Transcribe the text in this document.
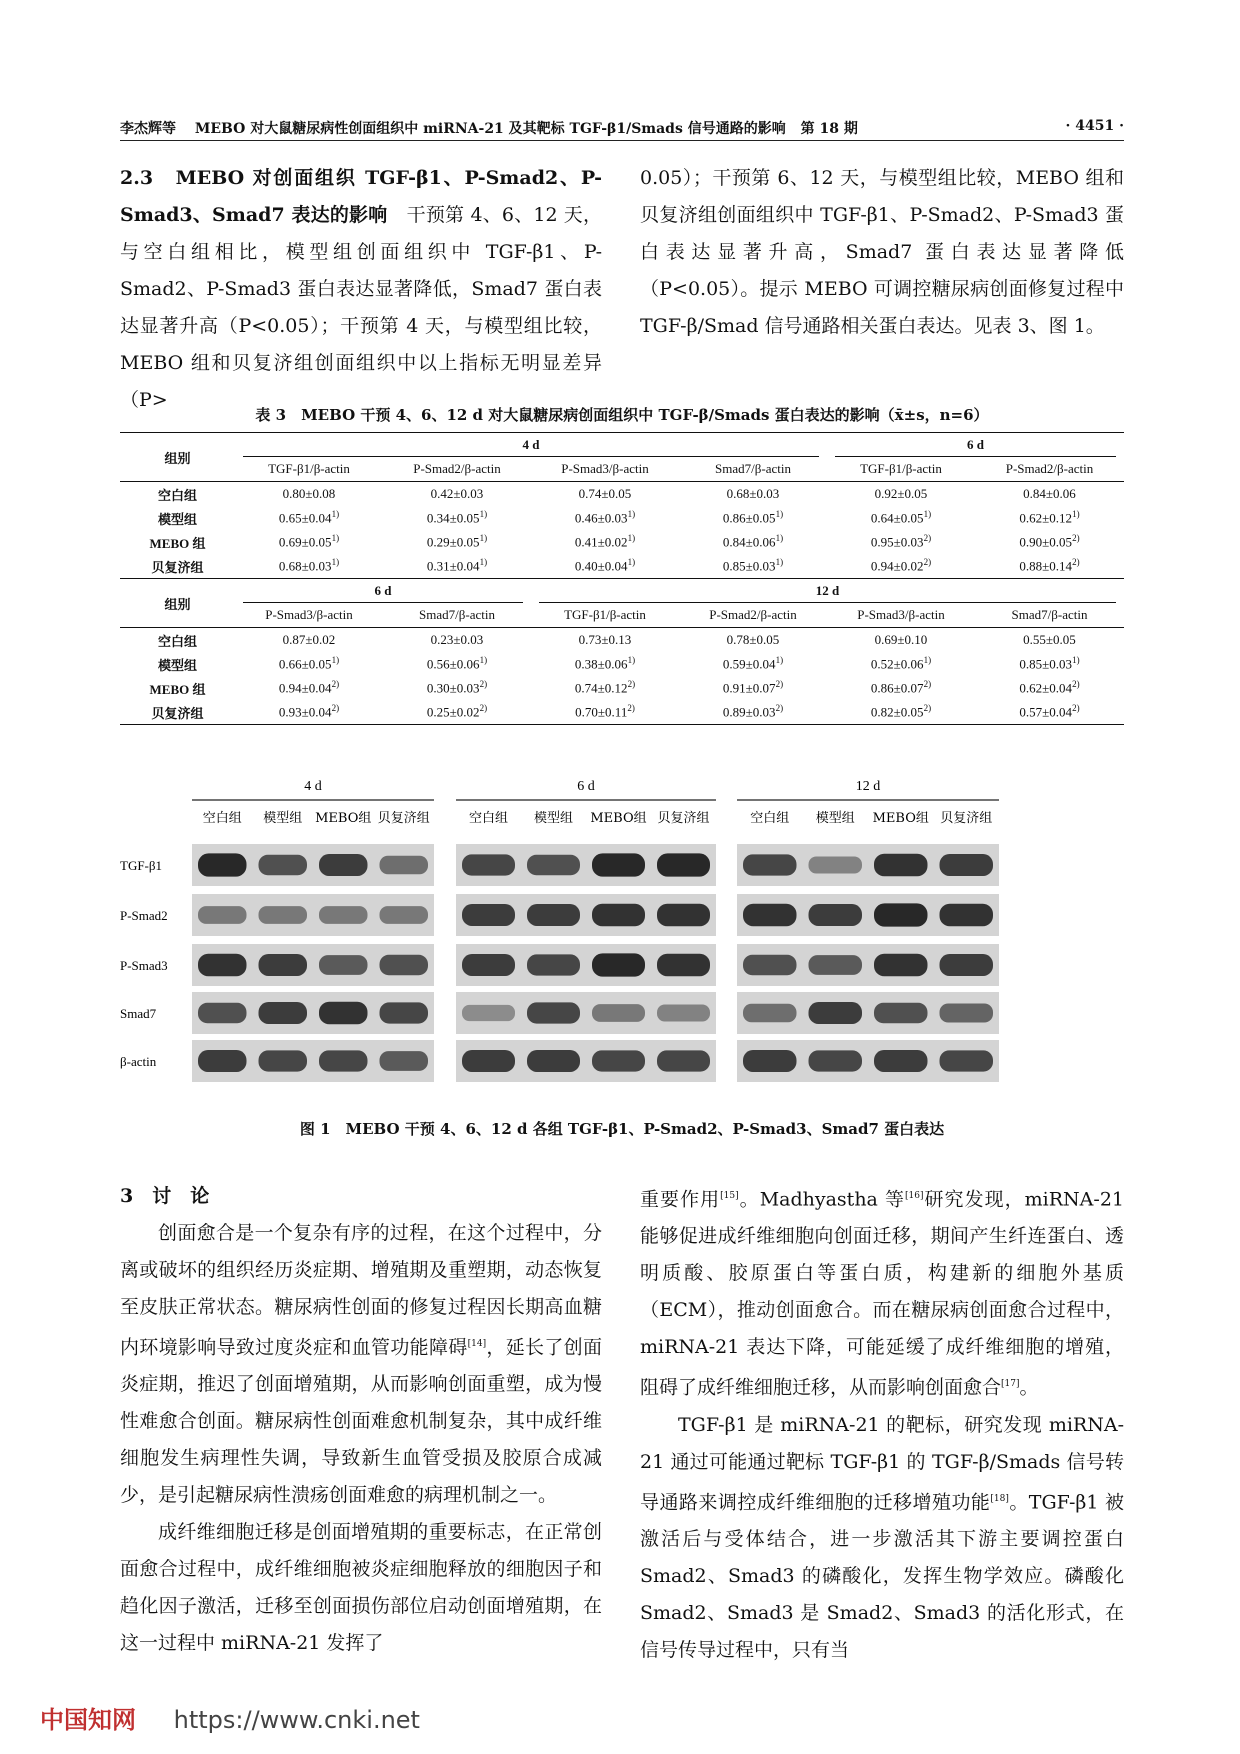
李杰辉等 MEBO 对大鼠糖尿病性创面组织中 miRNA-21 及其靶标 TGF-β1/Smads 信号通路的影响 第 18 期	· 4451 ·

2.3　MEBO 对创面组织 TGF-β1、P-Smad2、P-Smad3、Smad7 表达的影响　干预第 4、6、12 天，与空白组相比，模型组创面组织中 TGF-β1、P-Smad2、P-Smad3 蛋白表达显著降低，Smad7 蛋白表达显著升高（P<0.05）；干预第 4 天，与模型组比较，MEBO 组和贝复济组创面组织中以上指标无明显差异（P>

0.05）；干预第 6、12 天，与模型组比较，MEBO 组和贝复济组创面组织中 TGF-β1、P-Smad2、P-Smad3 蛋白表达显著升高，Smad7 蛋白表达显著降低（P<0.05）。提示 MEBO 可调控糖尿病创面修复过程中 TGF-β/Smad 信号通路相关蛋白表达。见表 3、图 1。

表 3　MEBO 干预 4、6、12 d 对大鼠糖尿病创面组织中 TGF-β/Smads 蛋白表达的影响（x̄±s，n=6）
组别	4 d				6 d	

	TGF-β1/β-actin	P-Smad2/β-actin	P-Smad3/β-actin	Smad7/β-actin	TGF-β1/β-actin	P-Smad2/β-actin
空白组	0.80±0.08	0.42±0.03	0.74±0.05	0.68±0.03	0.92±0.05	0.84±0.06
模型组	$0.65\pm 0.04^{1)}$	$0.34\pm 0.05^{1)}$	$0.46\pm 0.03^{1)}$	$0.86\pm 0.05^{1)}$	$0.64\pm 0.05^{1)}$	$0.62\pm 0.12^{1)}$
MEBO 组	$0.69\pm 0.05^{1)}$	$0.29\pm 0.05^{1)}$	$0.41\pm 0.02^{1)}$	$0.84\pm 0.06^{1)}$	$0.95\pm 0.03^{2)}$	$0.90\pm 0.05^{2)}$
贝复济组	$0.68\pm 0.03^{1)}$	$0.31\pm 0.04^{1)}$	$0.40\pm 0.04^{1)}$	$0.85\pm 0.03^{1)}$	$0.94\pm 0.02^{2)}$	$0.88\pm 0.14^{2)}$
组别	6 d		12 d			

	P-Smad3/β-actin	Smad7/β-actin	TGF-β1/β-actin	P-Smad2/β-actin	P-Smad3/β-actin	Smad7/β-actin
空白组	0.87±0.02	0.23±0.03	0.73±0.13	0.78±0.05	0.69±0.10	0.55±0.05
模型组	$0.66\pm 0.05^{1)}$	$0.56\pm 0.06^{1)}$	$0.38\pm 0.06^{1)}$	$0.59\pm 0.04^{1)}$	$0.52\pm 0.06^{1)}$	$0.85\pm 0.03^{1)}$
MEBO 组	$0.94\pm 0.04^{2)}$	$0.30\pm 0.03^{2)}$	$0.74\pm 0.12^{2)}$	$0.91\pm 0.07^{2)}$	$0.86\pm 0.07^{2)}$	$0.62\pm 0.04^{2)}$
贝复济组	$0.93\pm 0.04^{2)}$	$0.25\pm 0.02^{2)}$	$0.70\pm 0.11^{2)}$	$0.89\pm 0.03^{2)}$	$0.82\pm 0.05^{2)}$	$0.57\pm 0.04^{2)}$
4 d
空白组 模型组 MEBO组 贝复济组
6 d
空白组 模型组 MEBO组 贝复济组
12 d
空白组 模型组 MEBO组 贝复济组
TGF-β1
P-Smad2
P-Smad3
Smad7
β-actin
图 1　MEBO 干预 4、6、12 d 各组 TGF-β1、P-Smad2、P-Smad3、Smad7 蛋白表达

3　讨　论

创面愈合是一个复杂有序的过程，在这个过程中，分离或破坏的组织经历炎症期、增殖期及重塑期，动态恢复至皮肤正常状态。糖尿病性创面的修复过程因长期高血糖内环境影响导致过度炎症和血管功能障碍[14]，延长了创面炎症期，推迟了创面增殖期，从而影响创面重塑，成为慢性难愈合创面。糖尿病性创面难愈机制复杂，其中成纤维细胞发生病理性失调，导致新生血管受损及胶原合成减少，是引起糖尿病性溃疡创面难愈的病理机制之一。

成纤维细胞迁移是创面增殖期的重要标志，在正常创面愈合过程中，成纤维细胞被炎症细胞释放的细胞因子和趋化因子激活，迁移至创面损伤部位启动创面增殖期，在这一过程中 miRNA-21 发挥了

重要作用[15]。Madhyastha 等[16]研究发现，miRNA-21 能够促进成纤维细胞向创面迁移，期间产生纤连蛋白、透明质酸、胶原蛋白等蛋白质，构建新的细胞外基质（ECM），推动创面愈合。而在糖尿病创面愈合过程中，miRNA-21 表达下降，可能延缓了成纤维细胞的增殖，阻碍了成纤维细胞迁移，从而影响创面愈合[17]。

TGF-β1 是 miRNA-21 的靶标，研究发现 miRNA-21 通过可能通过靶标 TGF-β1 的 TGF-β/Smads 信号转导通路来调控成纤维细胞的迁移增殖功能[18]。TGF-β1 被激活后与受体结合，进一步激活其下游主要调控蛋白 Smad2、Smad3 的磷酸化，发挥生物学效应。磷酸化 Smad2、Smad3 是 Smad2、Smad3 的活化形式，在信号传导过程中，只有当

中国知网 https://www.cnki.net
